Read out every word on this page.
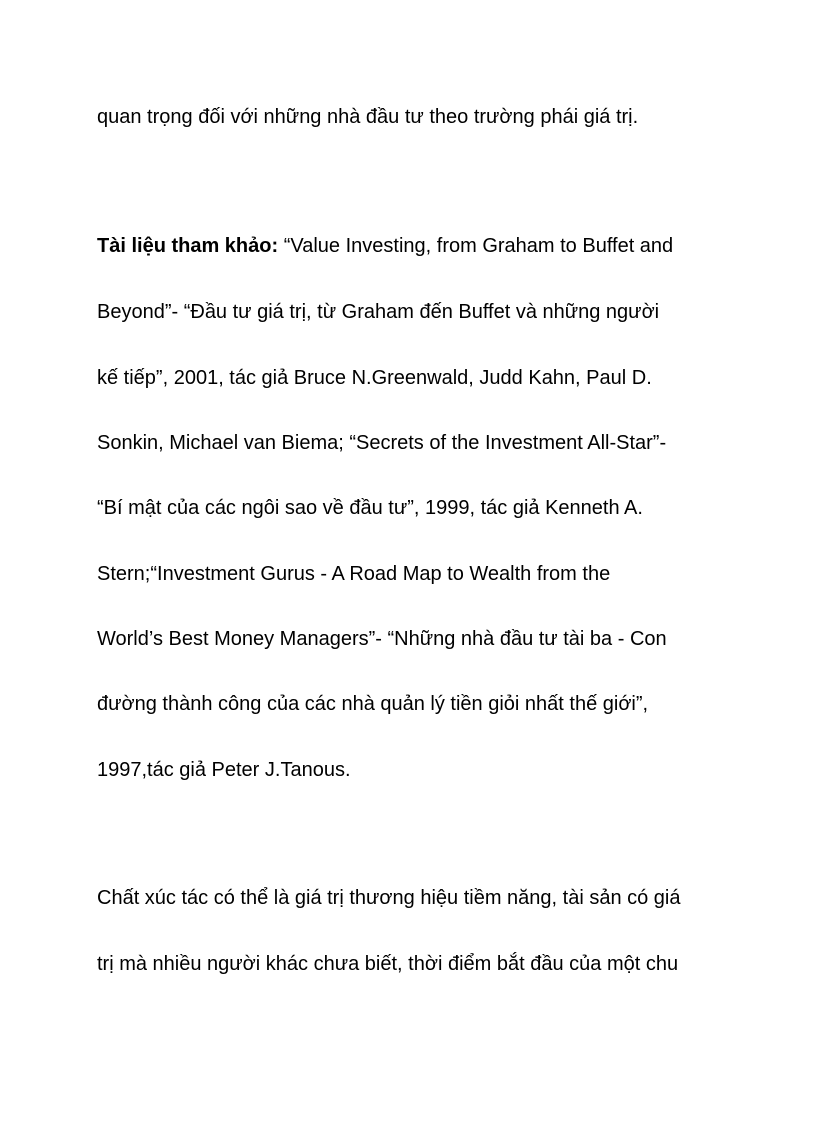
quan trọng đối với những nhà đầu tư theo trường phái giá trị.
Tài liệu tham khảo: “Value Investing, from Graham to Buffet and
Beyond”- “Đầu tư giá trị, từ Graham đến Buffet và những người
kế tiếp”, 2001, tác giả Bruce N.Greenwald, Judd Kahn, Paul D.
Sonkin, Michael van Biema; “Secrets of the Investment All-Star”-
“Bí mật của các ngôi sao về đầu tư”, 1999, tác giả Kenneth A.
Stern;“Investment Gurus - A Road Map to Wealth from the
World’s Best Money Managers”- “Những nhà đầu tư tài ba - Con
đường thành công của các nhà quản lý tiền giỏi nhất thế giới”,
1997,tác giả Peter J.Tanous.
Chất xúc tác có thể là giá trị thương hiệu tiềm năng, tài sản có giá
trị mà nhiều người khác chưa biết, thời điểm bắt đầu của một chu
